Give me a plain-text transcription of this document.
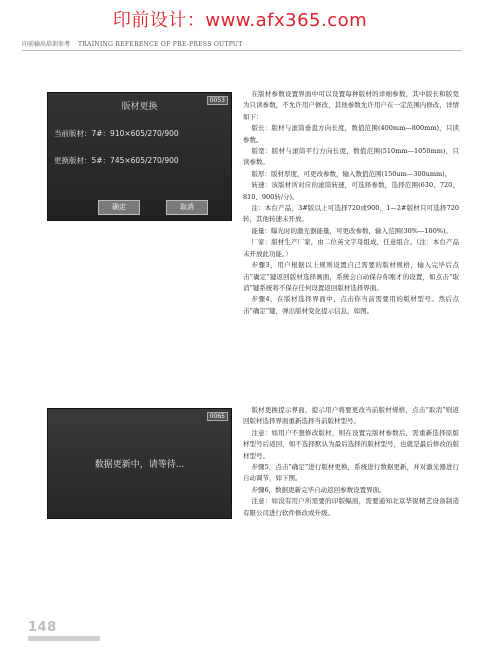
印前设计：www.afx365.com
印前输出培训参考 TRAINING REFERENCE OF PRE-PRESS OUTPUT
版材更换
0053
当前版材：7#：910×605/270/900
更换版材：5#：745×605/270/900
确定	取消
0065
数据更新中，请等待...

在版材参数设置界面中可以设置每种版材的详细参数，其中版长和版宽为只读参数，不允许用户修改，其他参数允许用户在一定范围内修改，详情如下：

版长：版材与滚筒垂直方向长度，数值范围(400mm—800mm)，只读参数。

版宽：版材与滚筒平行方向长度，数值范围(510mm—1050mm)，只读参数。

版厚：版材厚度，可更改参数，输入数值范围(150um—300umm)。

转速：该版材所对应的滚筒转速，可选择参数，选择范围(630、720、810、900转/分)。

注：本台产品，3#版以上可选择720或900，1—2#版材只可选择720转，其他转速未开放。

能量：曝光时的激光器能量，可更改参数，输入范围(30%—100%)。

厂家：版材生产厂家，由二位英文字母组成，任意组合。（注：本台产品未开放此功能。）

步骤3，用户根据以上规则设置自己需要的版材规格，输入完毕后点击“确定”键返回版材选择画面，系统会自动保存你刚才的设置，如点击“取消”键系统将不保存任何设置返回版材选择界面。

步骤4，在版材选择界面中，点击你当前需要用的版材型号。然后点击”确定”键，弹出版材变化提示信息，如图。

版材更换提示界面，提示用户将要更改当前版材规格，点击“取消”则返回版材选择界面重新选择当前版材型号。

注意：如用户不想修改版材，则在设置完版材参数后，需重新选择原版材型号后返回，如不选择默认为最后选择的版材型号，也就是最后修改的版材型号。

步骤5，点击”确定”进行版材更换，系统进行数据更新，并对激光器进行自动调节，如下图。

步骤6，数据更新完毕自动返回参数设置界面。

注意：如没有用户所需要的印版幅面，需要通知北京华锐精艺设备制造有限公司进行软件修改或升级。

148
